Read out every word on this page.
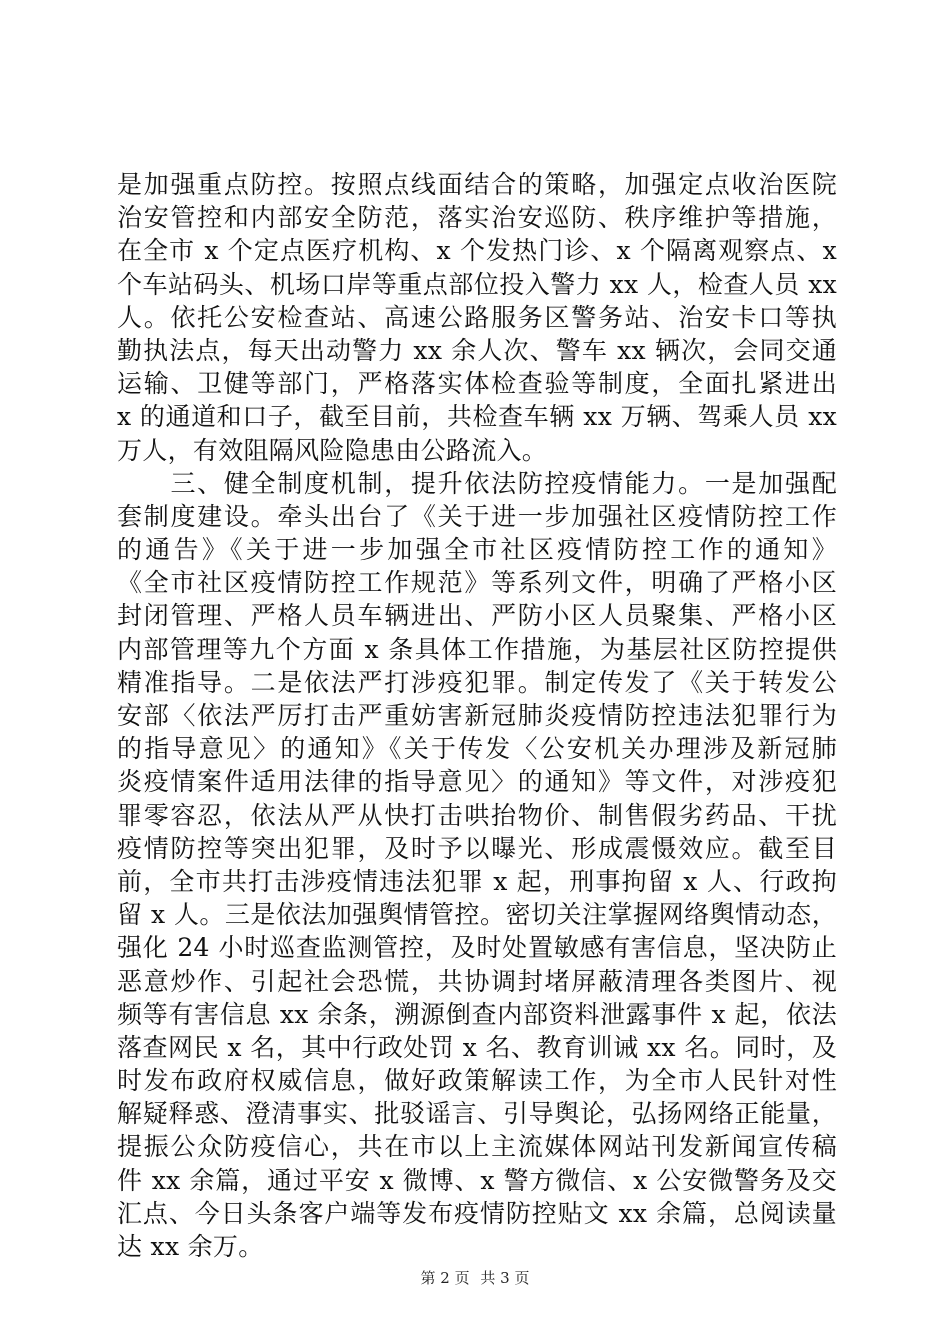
是加强重点防控。按照点线面结合的策略，加强定点收治医院
治安管控和内部安全防范，落实治安巡防、秩序维护等措施，
在全市 x 个定点医疗机构、x 个发热门诊、x 个隔离观察点、x
个车站码头、机场口岸等重点部位投入警力 xx 人，检查人员 xx
人。依托公安检查站、高速公路服务区警务站、治安卡口等执
勤执法点，每天出动警力 xx 余人次、警车 xx 辆次，会同交通
运输、卫健等部门，严格落实体检查验等制度，全面扎紧进出
x 的通道和口子，截至目前，共检查车辆 xx 万辆、驾乘人员 xx
万人，有效阻隔风险隐患由公路流入。
　　三、健全制度机制，提升依法防控疫情能力。一是加强配
套制度建设。牵头出台了《关于进一步加强社区疫情防控工作
的通告》《关于进一步加强全市社区疫情防控工作的通知》
《全市社区疫情防控工作规范》等系列文件，明确了严格小区
封闭管理、严格人员车辆进出、严防小区人员聚集、严格小区
内部管理等九个方面 x 条具体工作措施，为基层社区防控提供
精准指导。二是依法严打涉疫犯罪。制定传发了《关于转发公
安部〈依法严厉打击严重妨害新冠肺炎疫情防控违法犯罪行为
的指导意见〉的通知》《关于传发〈公安机关办理涉及新冠肺
炎疫情案件适用法律的指导意见〉的通知》等文件，对涉疫犯
罪零容忍，依法从严从快打击哄抬物价、制售假劣药品、干扰
疫情防控等突出犯罪，及时予以曝光、形成震慑效应。截至目
前，全市共打击涉疫情违法犯罪 x 起，刑事拘留 x 人、行政拘
留 x 人。三是依法加强舆情管控。密切关注掌握网络舆情动态，
强化 24 小时巡查监测管控，及时处置敏感有害信息，坚决防止
恶意炒作、引起社会恐慌，共协调封堵屏蔽清理各类图片、视
频等有害信息 xx 余条，溯源倒查内部资料泄露事件 x 起，依法
落查网民 x 名，其中行政处罚 x 名、教育训诫 xx 名。同时，及
时发布政府权威信息，做好政策解读工作，为全市人民针对性
解疑释惑、澄清事实、批驳谣言、引导舆论，弘扬网络正能量，
提振公众防疫信心，共在市以上主流媒体网站刊发新闻宣传稿
件 xx 余篇，通过平安 x 微博、x 警方微信、x 公安微警务及交
汇点、今日头条客户端等发布疫情防控贴文 xx 余篇，总阅读量
达 xx 余万。
第 2 页 共 3 页
